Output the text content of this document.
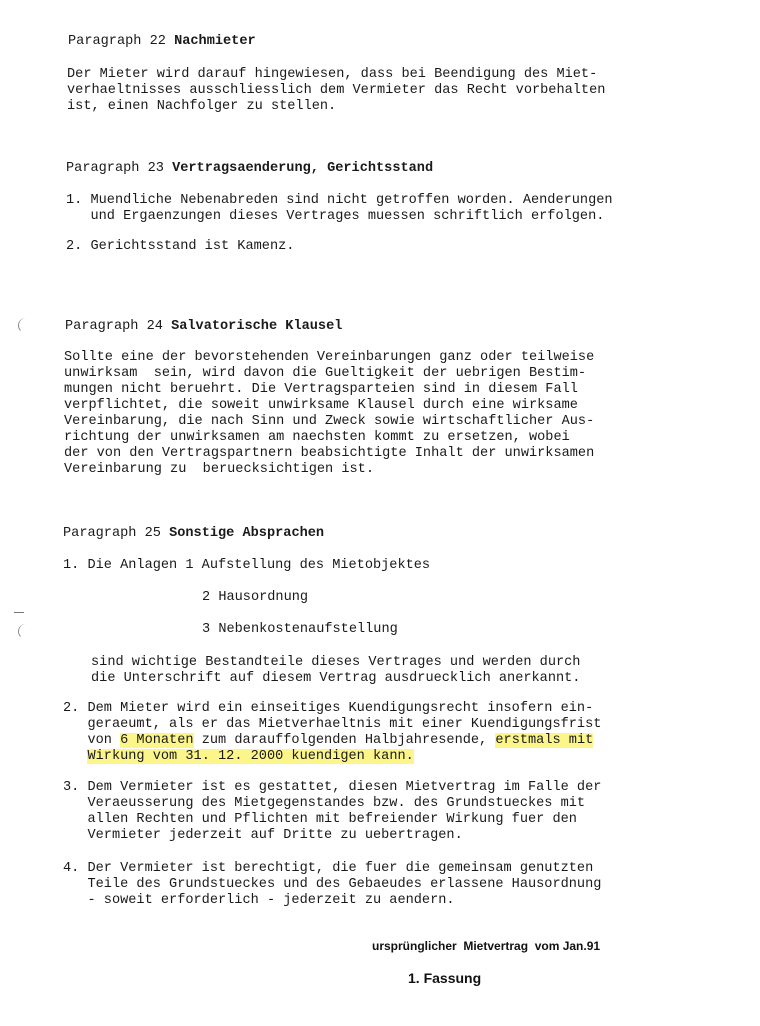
Paragraph 22 Nachmieter
Der Mieter wird darauf hingewiesen, dass bei Beendigung des Miet-
verhaeltnisses ausschliesslich dem Vermieter das Recht vorbehalten
ist, einen Nachfolger zu stellen.
Paragraph 23 Vertragsaenderung, Gerichtsstand
1. Muendliche Nebenabreden sind nicht getroffen worden. Aenderungen
und Ergaenzungen dieses Vertrages muessen schriftlich erfolgen.
2. Gerichtsstand ist Kamenz.
Paragraph 24 Salvatorische Klausel
Sollte eine der bevorstehenden Vereinbarungen ganz oder teilweise
unwirksam  sein, wird davon die Gueltigkeit der uebrigen Bestim-
mungen nicht beruehrt. Die Vertragsparteien sind in diesem Fall
verpflichtet, die soweit unwirksame Klausel durch eine wirksame
Vereinbarung, die nach Sinn und Zweck sowie wirtschaftlicher Aus-
richtung der unwirksamen am naechsten kommt zu ersetzen, wobei
der von den Vertragspartnern beabsichtigte Inhalt der unwirksamen
Vereinbarung zu  beruecksichtigen ist.
Paragraph 25 Sonstige Absprachen
1. Die Anlagen 1 Aufstellung des Mietobjektes
2 Hausordnung
3 Nebenkostenaufstellung
sind wichtige Bestandteile dieses Vertrages und werden durch
die Unterschrift auf diesem Vertrag ausdruecklich anerkannt.
2. Dem Mieter wird ein einseitiges Kuendigungsrecht insofern ein-
geraeumt, als er das Mietverhaeltnis mit einer Kuendigungsfrist
von 6 Monaten zum darauffolgenden Halbjahresende, erstmals mit
Wirkung vom 31. 12. 2000 kuendigen kann.
3. Dem Vermieter ist es gestattet, diesen Mietvertrag im Falle der
Veraeusserung des Mietgegenstandes bzw. des Grundstueckes mit
allen Rechten und Pflichten mit befreiender Wirkung fuer den
Vermieter jederzeit auf Dritte zu uebertragen.
4. Der Vermieter ist berechtigt, die fuer die gemeinsam genutzten
Teile des Grundstueckes und des Gebaeudes erlassene Hausordnung
- soweit erforderlich - jederzeit zu aendern.
ursprünglicher  Mietvertrag  vom Jan.91
1. Fassung
